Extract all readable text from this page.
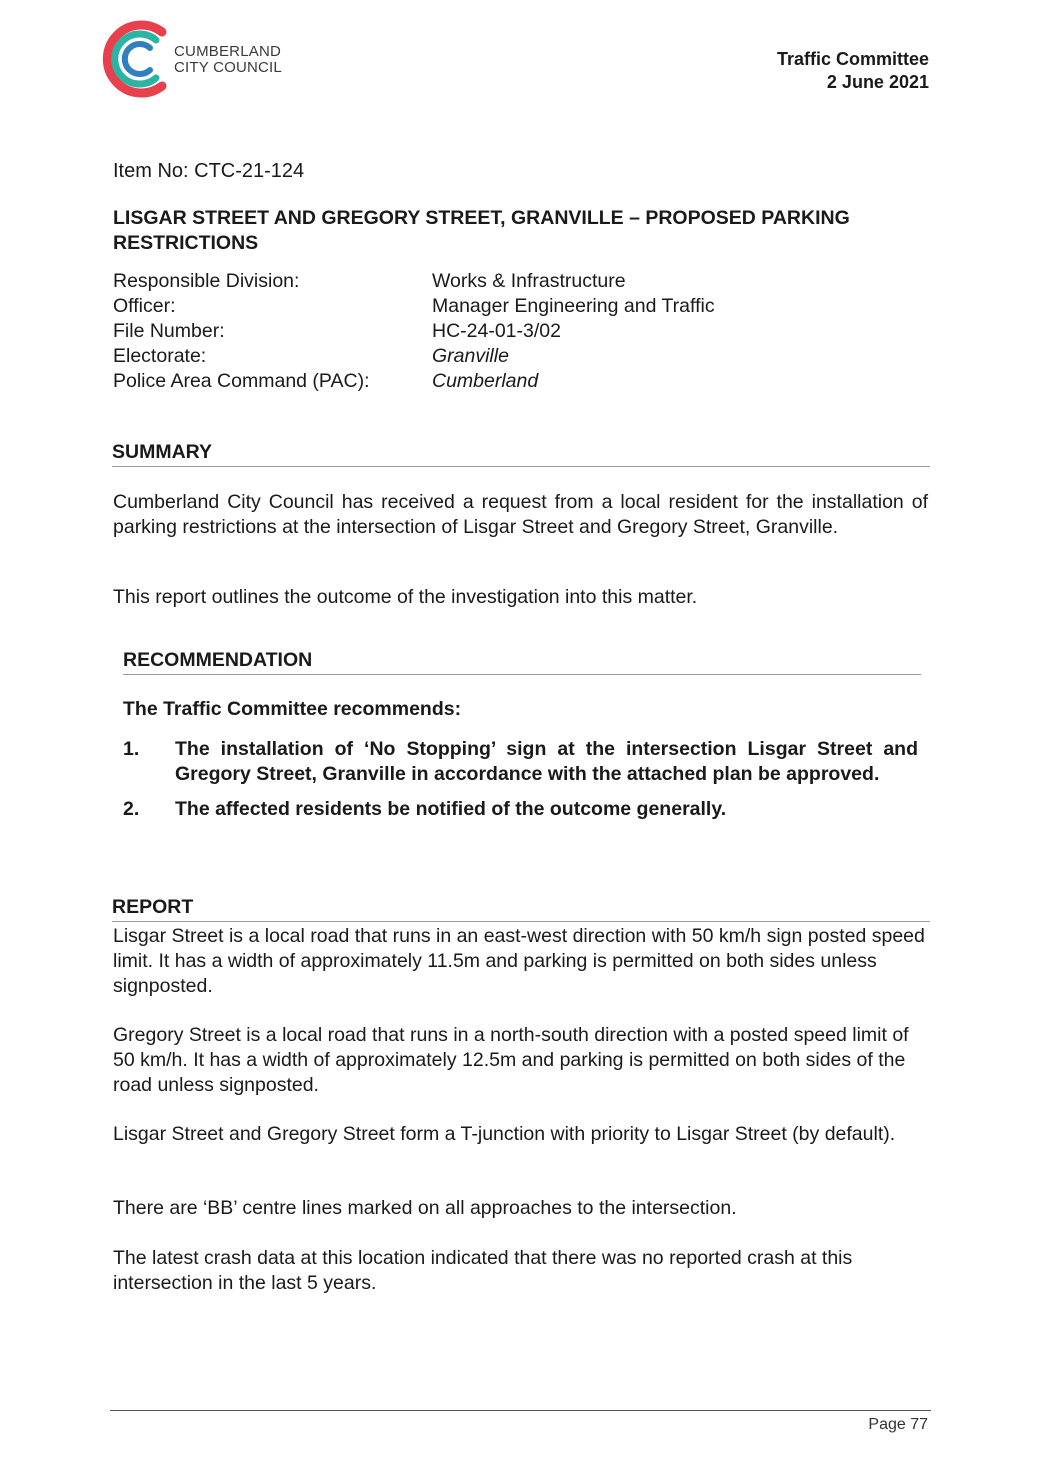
CUMBERLAND
CITY COUNCIL	Traffic Committee
2 June 2021
Item No: CTC-21-124
LISGAR STREET AND GREGORY STREET, GRANVILLE – PROPOSED PARKING RESTRICTIONS
Responsible Division:	Works & Infrastructure
Officer:	Manager Engineering and Traffic
File Number:	HC-24-01-3/02
Electorate:	Granville
Police Area Command (PAC):	Cumberland
SUMMARY
Cumberland City Council has received a request from a local resident for the installation of parking restrictions at the intersection of Lisgar Street and Gregory Street, Granville.
This report outlines the outcome of the investigation into this matter.
RECOMMENDATION
The Traffic Committee recommends:
1.	The installation of ‘No Stopping’ sign at the intersection Lisgar Street and Gregory Street, Granville in accordance with the attached plan be approved.
2.	The affected residents be notified of the outcome generally.
REPORT
Lisgar Street is a local road that runs in an east-west direction with 50 km/h sign posted speed limit. It has a width of approximately 11.5m and parking is permitted on both sides unless signposted.
Gregory Street is a local road that runs in a north-south direction with a posted speed limit of 50 km/h. It has a width of approximately 12.5m and parking is permitted on both sides of the road unless signposted.
Lisgar Street and Gregory Street form a T-junction with priority to Lisgar Street (by default).
There are ‘BB’ centre lines marked on all approaches to the intersection.
The latest crash data at this location indicated that there was no reported crash at this intersection in the last 5 years.
Page 77
